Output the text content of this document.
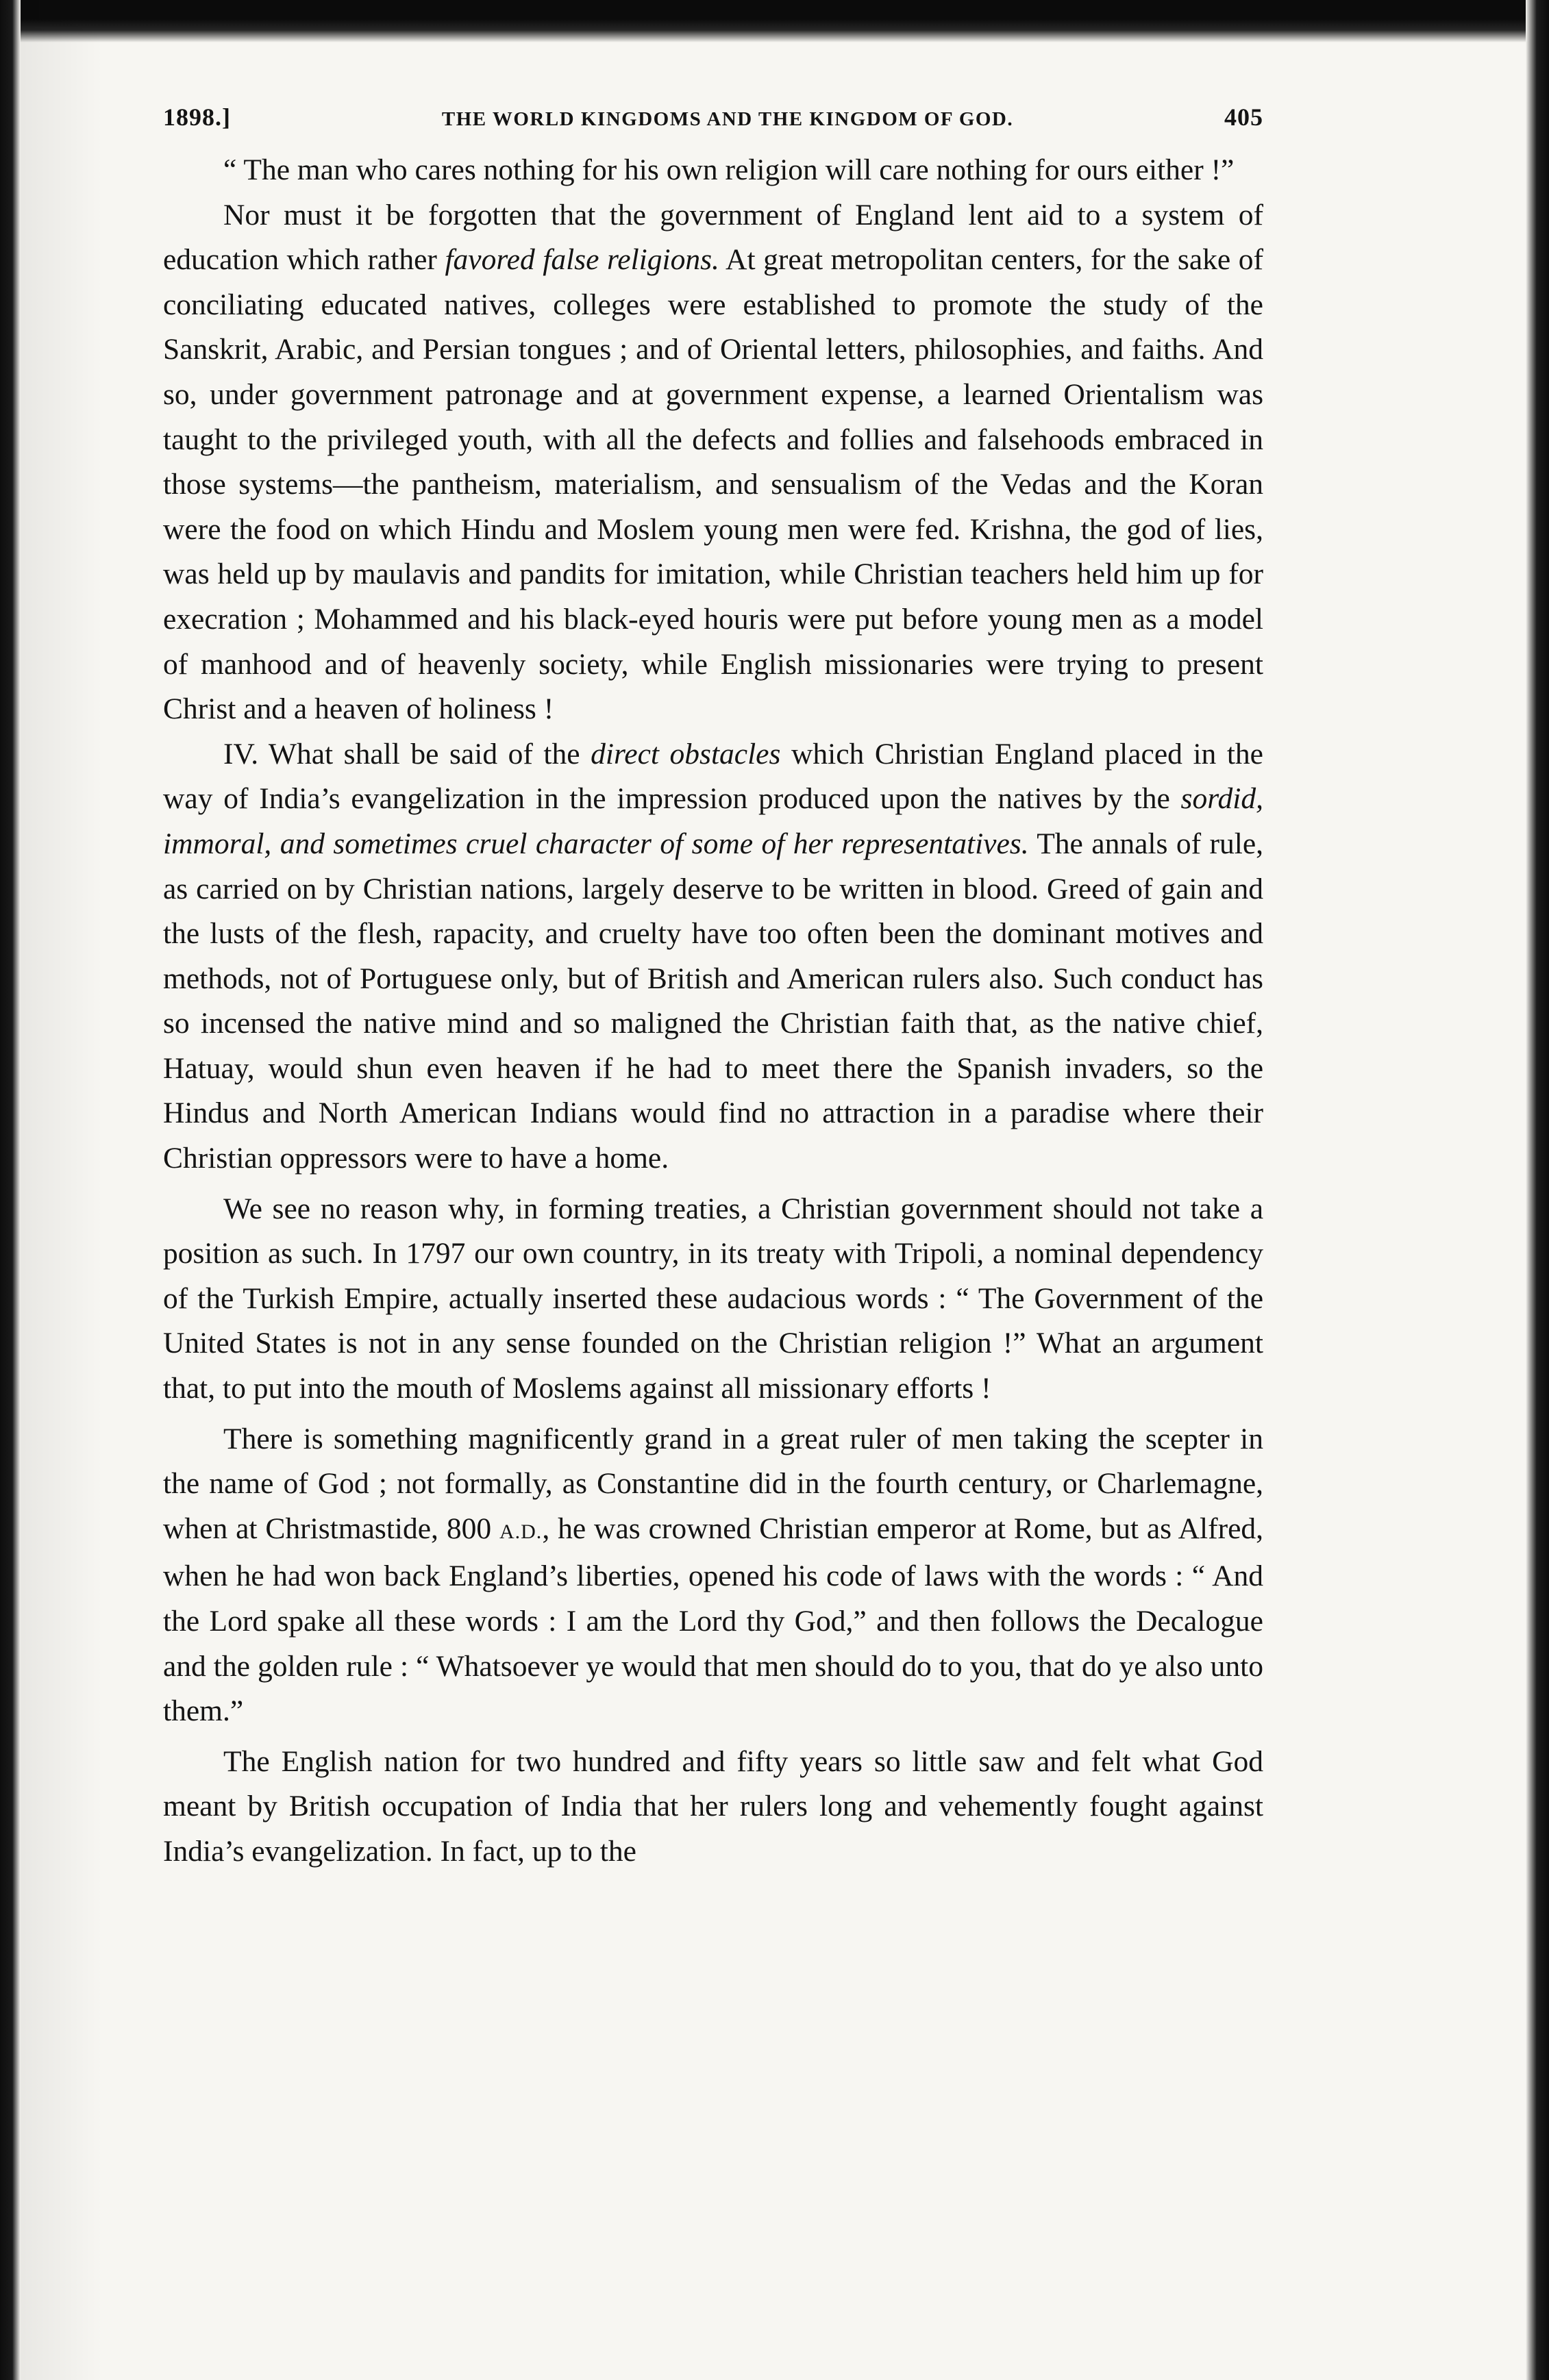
1898.]	THE WORLD KINGDOMS AND THE KINGDOM OF GOD.	405

“ The man who cares nothing for his own religion will care nothing for ours either !”

Nor must it be forgotten that the government of England lent aid to a system of education which rather favored false religions. At great metropolitan centers, for the sake of conciliating educated natives, colleges were established to promote the study of the Sanskrit, Arabic, and Persian tongues ; and of Oriental letters, philosophies, and faiths. And so, under government patronage and at government expense, a learned Orientalism was taught to the privileged youth, with all the defects and follies and falsehoods embraced in those systems—the pantheism, materialism, and sensualism of the Vedas and the Koran were the food on which Hindu and Moslem young men were fed. Krishna, the god of lies, was held up by maulavis and pandits for imitation, while Christian teachers held him up for execration ; Mohammed and his black-eyed houris were put before young men as a model of manhood and of heavenly society, while English missionaries were trying to present Christ and a heaven of holiness !

IV. What shall be said of the direct obstacles which Christian England placed in the way of India’s evangelization in the impression produced upon the natives by the sordid, immoral, and sometimes cruel character of some of her representatives. The annals of rule, as carried on by Christian nations, largely deserve to be written in blood. Greed of gain and the lusts of the flesh, rapacity, and cruelty have too often been the dominant motives and methods, not of Portuguese only, but of British and American rulers also. Such conduct has so incensed the native mind and so maligned the Christian faith that, as the native chief, Hatuay, would shun even heaven if he had to meet there the Spanish invaders, so the Hindus and North American Indians would find no attraction in a paradise where their Christian oppressors were to have a home.

We see no reason why, in forming treaties, a Christian government should not take a position as such. In 1797 our own country, in its treaty with Tripoli, a nominal dependency of the Turkish Empire, actually inserted these audacious words : “ The Government of the United States is not in any sense founded on the Christian religion !” What an argument that, to put into the mouth of Moslems against all missionary efforts !

There is something magnificently grand in a great ruler of men taking the scepter in the name of God ; not formally, as Constantine did in the fourth century, or Charlemagne, when at Christmastide, 800 A.D., he was crowned Christian emperor at Rome, but as Alfred, when he had won back England’s liberties, opened his code of laws with the words : “ And the Lord spake all these words : I am the Lord thy God,” and then follows the Decalogue and the golden rule : “ Whatsoever ye would that men should do to you, that do ye also unto them.”

The English nation for two hundred and fifty years so little saw and felt what God meant by British occupation of India that her rulers long and vehemently fought against India’s evangelization. In fact, up to the
